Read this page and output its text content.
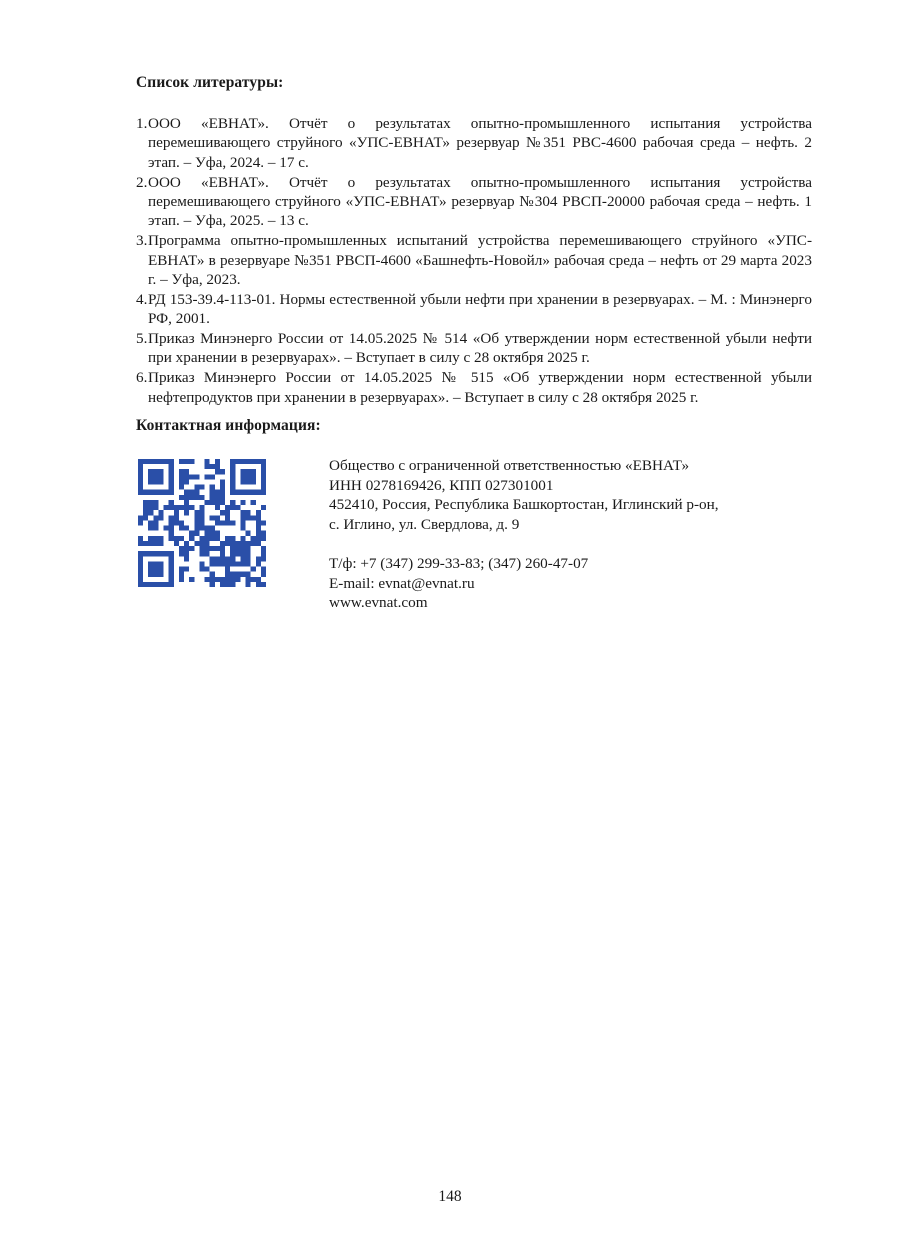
Список литературы:
1. ООО «ЕВНАТ». Отчёт о результатах опытно-промышленного испытания устройства перемешивающего струйного «УПС-ЕВНАТ» резервуар №351 РВС-4600 рабочая среда – нефть. 2 этап. – Уфа, 2024. – 17 с.
2. ООО «ЕВНАТ». Отчёт о результатах опытно-промышленного испытания устройства перемешивающего струйного «УПС-ЕВНАТ» резервуар №304 РВСП-20000 рабочая среда – нефть. 1 этап. – Уфа, 2025. – 13 с.
3. Программа опытно-промышленных испытаний устройства перемешивающего струйного «УПС-ЕВНАТ» в резервуаре №351 РВСП-4600 «Башнефть-Новойл» рабочая среда – нефть от 29 марта 2023 г. – Уфа, 2023.
4. РД 153-39.4-113-01. Нормы естественной убыли нефти при хранении в резервуарах. – М. : Минэнерго РФ, 2001.
5. Приказ Минэнерго России от 14.05.2025 № 514 «Об утверждении норм естественной убыли нефти при хранении в резервуарах». – Вступает в силу с 28 октября 2025 г.
6. Приказ Минэнерго России от 14.05.2025 № 515 «Об утверждении норм естественной убыли нефтепродуктов при хранении в резервуарах». – Вступает в силу с 28 октября 2025 г.
Контактная информация:
Общество с ограниченной ответственностью «ЕВНАТ»
ИНН 0278169426, КПП 027301001
452410, Россия, Республика Башкортостан, Иглинский р-он,
с. Иглино, ул. Свердлова, д. 9
Т/ф: +7 (347) 299-33-83; (347) 260-47-07
E-mail: evnat@evnat.ru
www.evnat.com
148
